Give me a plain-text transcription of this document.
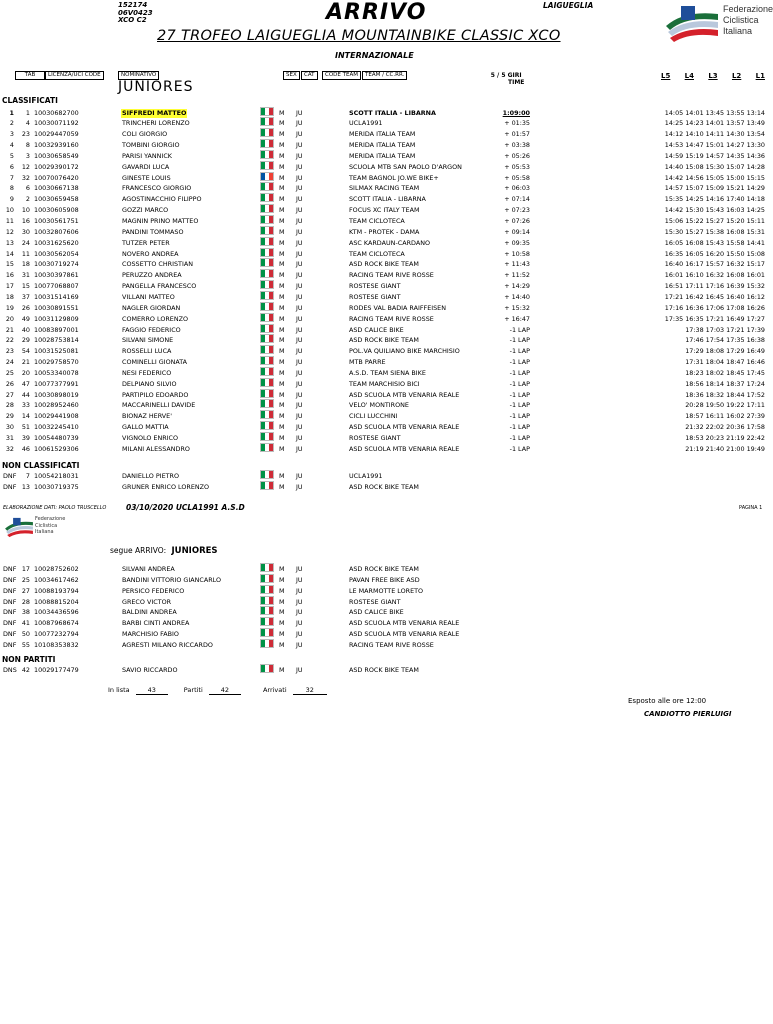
152174
06V0423
XCO C2	ARRIVO	LAIGUEGLIA
27 TROFEO LAIGUEGLIA MOUNTAINBIKE CLASSIC XCO
INTERNAZIONALE
Federazione
Ciclistica
Italiana
TAB	LICENZA/UCI CODE	NOMINATIVO	SEX	CAT	CODE TEAM	TEAM / CC.RR.
JUNIORES
5 / 5 GIRI
TIME
L5 L4 L3 L2 L1
CLASSIFICATI
1	1 10030682700	SIFFREDI MATTEO	M JU	SCOTT ITALIA - LIBARNA	1:09:00	14:05 14:01 13:45 13:55 13:14
2	4 10030071192	TRINCHERI LORENZO	M JU	UCLA1991	+ 01:35	14:25 14:23 14:01 13:57 13:49
3	23 10029447059	COLI GIORGIO	M JU	MERIDA ITALIA TEAM	+ 01:57	14:12 14:10 14:11 14:30 13:54
4	8 10032939160	TOMBINI GIORGIO	M JU	MERIDA ITALIA TEAM	+ 03:38	14:53 14:47 15:01 14:27 13:30
5	3 10030658549	PARISI YANNICK	M JU	MERIDA ITALIA TEAM	+ 05:26	14:59 15:19 14:57 14:35 14:36
6	12 10029390172	GAVARDI LUCA	M JU	SCUOLA MTB SAN PAOLO D'ARGON	+ 05:53	14:40 15:08 15:30 15:07 14:28
7	32 10070076420	GINESTE LOUIS	M JU	TEAM BAGNOL JO.WE BIKE+	+ 05:58	14:42 14:56 15:05 15:00 15:15
8	6 10030667138	FRANCESCO GIORGIO	M JU	SILMAX RACING TEAM	+ 06:03	14:57 15:07 15:09 15:21 14:29
9	2 10030659458	AGOSTINACCHIO FILIPPO	M JU	SCOTT ITALIA - LIBARNA	+ 07:14	15:35 14:25 14:16 17:40 14:18
10	10 10030605908	GOZZI MARCO	M JU	FOCUS XC ITALY TEAM	+ 07:23	14:42 15:30 15:43 16:03 14:25
11	16 10030561751	MAGNIN PRINO MATTEO	M JU	TEAM CICLOTECA	+ 07:26	15:06 15:22 15:27 15:20 15:11
12	30 10032807606	PANDINI TOMMASO	M JU	KTM - PROTEK - DAMA	+ 09:14	15:30 15:27 15:38 16:08 15:31
13	24 10031625620	TUTZER PETER	M JU	ASC KARDAUN-CARDANO	+ 09:35	16:05 16:08 15:43 15:58 14:41
14	11 10030562054	NOVERO ANDREA	M JU	TEAM CICLOTECA	+ 10:58	16:35 16:05 16:20 15:50 15:08
15	18 10030719274	COSSETTO CHRISTIAN	M JU	ASD ROCK BIKE TEAM	+ 11:43	16:40 16:17 15:57 16:32 15:17
16	31 10030397861	PERUZZO ANDREA	M JU	RACING TEAM RIVE ROSSE	+ 11:52	16:01 16:10 16:32 16:08 16:01
17	15 10077068807	PANGELLA FRANCESCO	M JU	ROSTESE GIANT	+ 14:29	16:51 17:11 17:16 16:39 15:32
18	37 10031514169	VILLANI MATTEO	M JU	ROSTESE GIANT	+ 14:40	17:21 16:42 16:45 16:40 16:12
19	26 10030891551	NAGLER GIORDAN	M JU	RODES VAL BADIA RAIFFEISEN	+ 15:32	17:16 16:36 17:06 17:08 16:26
20	49 10031129809	COMERRO LORENZO	M JU	RACING TEAM RIVE ROSSE	+ 16:47	17:35 16:35 17:21 16:49 17:27
21	40 10083897001	FAGGIO FEDERICO	M JU	ASD CALICE BIKE	-1 LAP	17:38 17:03 17:21 17:39
22	29 10028753814	SILVANI SIMONE	M JU	ASD ROCK BIKE TEAM	-1 LAP	17:46 17:54 17:35 16:38
23	54 10031525081	ROSSELLI LUCA	M JU	POL.VA QUILIANO BIKE MARCHISIO	-1 LAP	17:29 18:08 17:29 16:49
24	21 10029758570	COMINELLI GIONATA	M JU	MTB PARRE	-1 LAP	17:31 18:04 18:47 16:46
25	20 10053340078	NESI FEDERICO	M JU	A.S.D. TEAM SIENA BIKE	-1 LAP	18:23 18:02 18:45 17:45
26	47 10077377991	DELPIANO SILVIO	M JU	TEAM MARCHISIO BICI	-1 LAP	18:56 18:14 18:37 17:24
27	44 10030898019	PARTIPILO EDOARDO	M JU	ASD SCUOLA MTB VENARIA REALE	-1 LAP	18:36 18:32 18:44 17:52
28	33 10028952460	MACCARINELLI DAVIDE	M JU	VELO' MONTIRONE	-1 LAP	20:28 19:50 19:22 17:11
29	14 10029441908	BIONAZ HERVE'	M JU	CICLI LUCCHINI	-1 LAP	18:57 16:11 16:02 27:39
30	51 10032245410	GALLO MATTIA	M JU	ASD SCUOLA MTB VENARIA REALE	-1 LAP	21:32 22:02 20:36 17:58
31	39 10054480739	VIGNOLO ENRICO	M JU	ROSTESE GIANT	-1 LAP	18:53 20:23 21:19 22:42
32	46 10061529306	MILANI ALESSANDRO	M JU	ASD SCUOLA MTB VENARIA REALE	-1 LAP	21:19 21:40 21:00 19:49
NON CLASSIFICATI
DNF	7 10054218031	DANIELLO PIETRO	M JU	UCLA1991
DNF 13 10030719375	GRUNER ENRICO LORENZO	M JU	ASD ROCK BIKE TEAM
ELABORAZIONE DATI: PAOLO TRUSCELLO	03/10/2020 UCLA1991 A.S.D	PAGINA 1
Federazione
Ciclistica
Italiana
segue ARRIVO: JUNIORES
DNF 17 10028752602	SILVANI ANDREA	M JU	ASD ROCK BIKE TEAM
DNF 25 10034617462	BANDINI VITTORIO GIANCARLO	M JU	PAVAN FREE BIKE ASD
DNF 27 10088193794	PERSICO FEDERICO	M JU	LE MARMOTTE LORETO
DNF 28 10088815204	GRECO VICTOR	M JU	ROSTESE GIANT
DNF 38 10034436596	BALDINI ANDREA	M JU	ASD CALICE BIKE
DNF 41 10087968674	BARBI CINTI ANDREA	M JU	ASD SCUOLA MTB VENARIA REALE
DNF 50 10077232794	MARCHISIO FABIO	M JU	ASD SCUOLA MTB VENARIA REALE
DNF 55 10108353832	AGRESTI MILANO RICCARDO	M JU	RACING TEAM RIVE ROSSE
NON PARTITI
DNS 42 10029177479	SAVIO RICCARDO	M JU	ASD ROCK BIKE TEAM
In lista	43	Partiti	42	Arrivati	32
Esposto alle ore 12:00
CANDIOTTO PIERLUIGI
